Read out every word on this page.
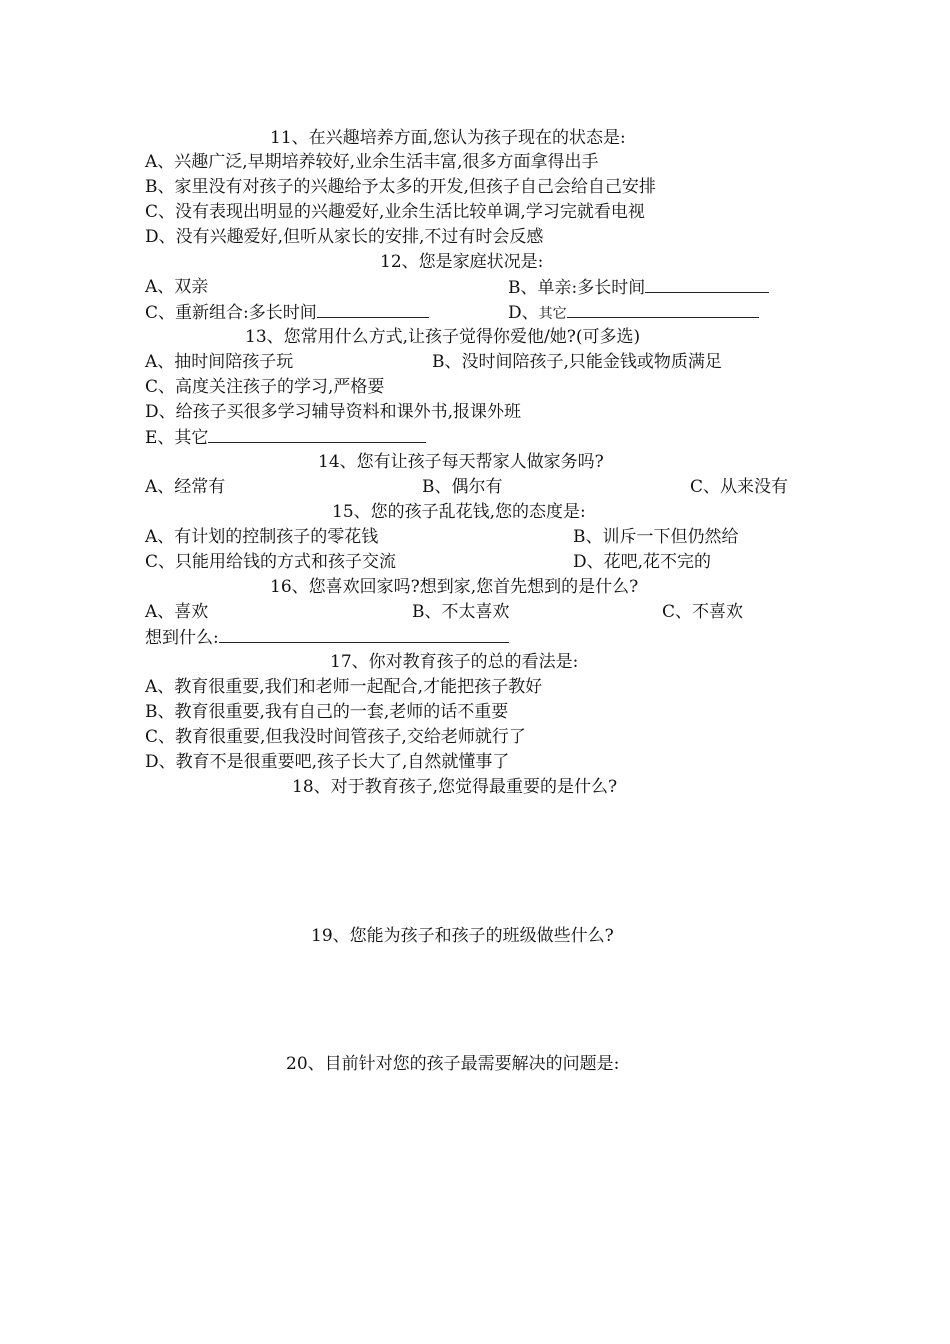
11、在兴趣培养方面,您认为孩子现在的状态是:
A、兴趣广泛,早期培养较好,业余生活丰富,很多方面拿得出手
B、家里没有对孩子的兴趣给予太多的开发,但孩子自己会给自己安排
C、没有表现出明显的兴趣爱好,业余生活比较单调,学习完就看电视
D、没有兴趣爱好,但听从家长的安排,不过有时会反感
12、您是家庭状况是:
A、双亲	B、单亲:多长时间
C、重新组合:多长时间	D、其它
13、您常用什么方式,让孩子觉得你爱他/她?(可多选)
A、抽时间陪孩子玩	B、没时间陪孩子,只能金钱或物质满足
C、高度关注孩子的学习,严格要
D、给孩子买很多学习辅导资料和课外书,报课外班
E、其它
14、您有让孩子每天帮家人做家务吗?
A、经常有	B、偶尔有	C、从来没有
15、您的孩子乱花钱,您的态度是:
A、有计划的控制孩子的零花钱	B、训斥一下但仍然给
C、只能用给钱的方式和孩子交流	D、花吧,花不完的
16、您喜欢回家吗?想到家,您首先想到的是什么?
A、喜欢	B、不太喜欢	C、不喜欢
想到什么:
17、你对教育孩子的总的看法是:
A、教育很重要,我们和老师一起配合,才能把孩子教好
B、教育很重要,我有自己的一套,老师的话不重要
C、教育很重要,但我没时间管孩子,交给老师就行了
D、教育不是很重要吧,孩子长大了,自然就懂事了
18、对于教育孩子,您觉得最重要的是什么?
19、您能为孩子和孩子的班级做些什么?
20、目前针对您的孩子最需要解决的问题是:
